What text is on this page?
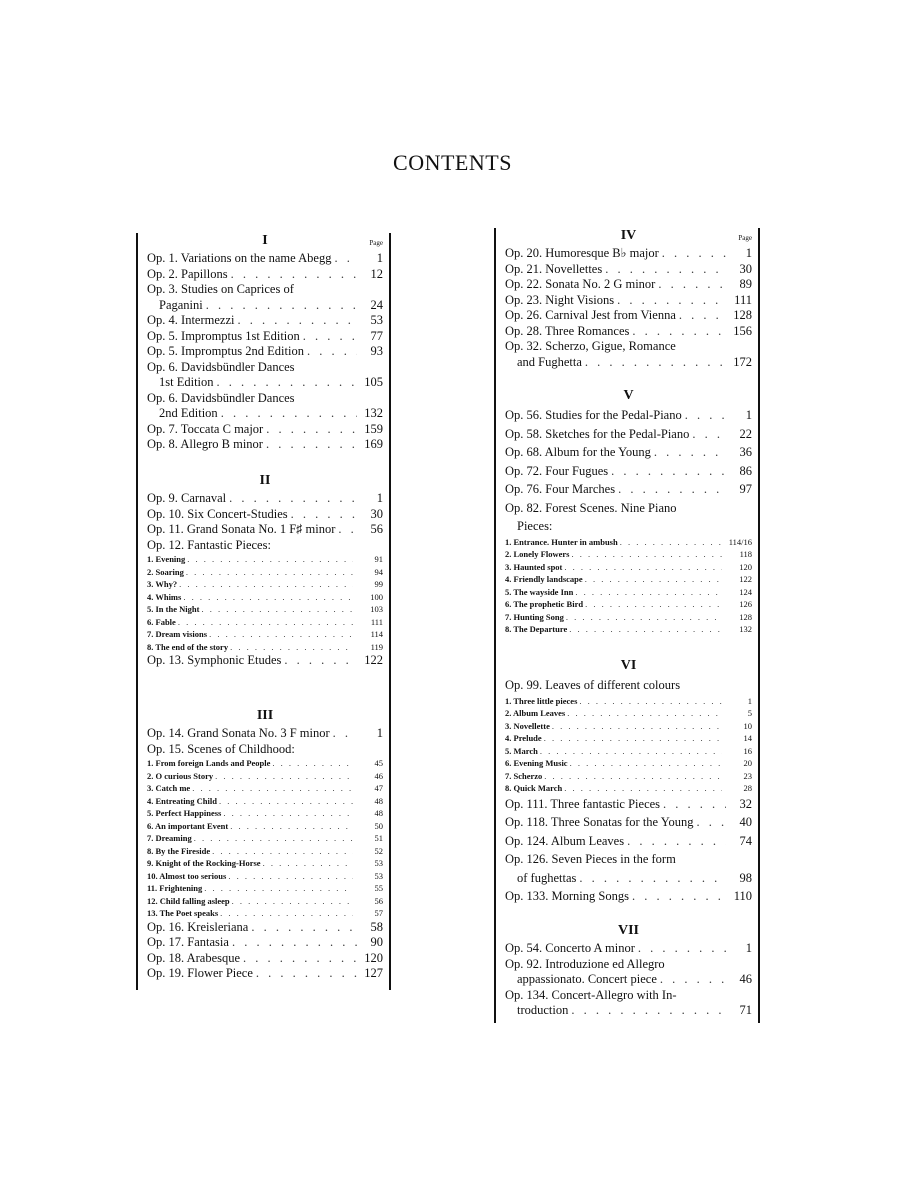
CONTENTS
I	Page
Op. 1. Variations on the name Abegg . . .	1
Op. 2. Papillons . . .	12
Op. 3. Studies on Caprices of
Paganini . . .	24
Op. 4. Intermezzi . . .	53
Op. 5. Impromptus 1st Edition . . .	77
Op. 5. Impromptus 2nd Edition . . .	93
Op. 6. Davidsbündler Dances
1st Edition . . .	105
Op. 6. Davidsbündler Dances
2nd Edition . . .	132
Op. 7. Toccata C major . . .	159
Op. 8. Allegro B minor . . .	169
II
Op. 9. Carnaval . . .	1
Op. 10. Six Concert-Studies . . .	30
Op. 11. Grand Sonata No. 1 F♯ minor . . .	56
Op. 12. Fantastic Pieces:
1. Evening . . .	91
2. Soaring . . .	94
3. Why? . . .	99
4. Whims . . .	100
5. In the Night . . .	103
6. Fable . . .	111
7. Dream visions . . .	114
8. The end of the story . . .	119
Op. 13. Symphonic Etudes . . .	122
III
Op. 14. Grand Sonata No. 3 F minor . . .	1
Op. 15. Scenes of Childhood:
1. From foreign Lands and People . . .	45
2. O curious Story . . .	46
3. Catch me . . .	47
4. Entreating Child . . .	48
5. Perfect Happiness . . .	48
6. An important Event . . .	50
7. Dreaming . . .	51
8. By the Fireside . . .	52
9. Knight of the Rocking-Horse . . .	53
10. Almost too serious . . .	53
11. Frightening . . .	55
12. Child falling asleep . . .	56
13. The Poet speaks . . .	57
Op. 16. Kreisleriana . . .	58
Op. 17. Fantasia . . .	90
Op. 18. Arabesque . . .	120
Op. 19. Flower Piece . . .	127
IV	Page
Op. 20. Humoresque B♭ major . . .	1
Op. 21. Novellettes . . .	30
Op. 22. Sonata No. 2 G minor . . .	89
Op. 23. Night Visions . . .	111
Op. 26. Carnival Jest from Vienna . . .	128
Op. 28. Three Romances . . .	156
Op. 32. Scherzo, Gigue, Romance
and Fughetta . . .	172
V
Op. 56. Studies for the Pedal-Piano . . .	1
Op. 58. Sketches for the Pedal-Piano . . .	22
Op. 68. Album for the Young . . .	36
Op. 72. Four Fugues . . .	86
Op. 76. Four Marches . . .	97
Op. 82. Forest Scenes. Nine Piano
Pieces:
1. Entrance. Hunter in ambush . . .	114/16
2. Lonely Flowers . . .	118
3. Haunted spot . . .	120
4. Friendly landscape . . .	122
5. The wayside Inn . . .	124
6. The prophetic Bird . . .	126
7. Hunting Song . . .	128
8. The Departure . . .	132
VI
Op. 99. Leaves of different colours
1. Three little pieces . . .	1
2. Album Leaves . . .	5
3. Novellette . . .	10
4. Prelude . . .	14
5. March . . .	16
6. Evening Music . . .	20
7. Scherzo . . .	23
8. Quick March . . .	28
Op. 111. Three fantastic Pieces . . .	32
Op. 118. Three Sonatas for the Young . . .	40
Op. 124. Album Leaves . . .	74
Op. 126. Seven Pieces in the form
of fughettas . . .	98
Op. 133. Morning Songs . . .	110
VII
Op. 54. Concerto A minor . . .	1
Op. 92. Introduzione ed Allegro
appassionato. Concert piece . . .	46
Op. 134. Concert-Allegro with In-
troduction . . .	71
